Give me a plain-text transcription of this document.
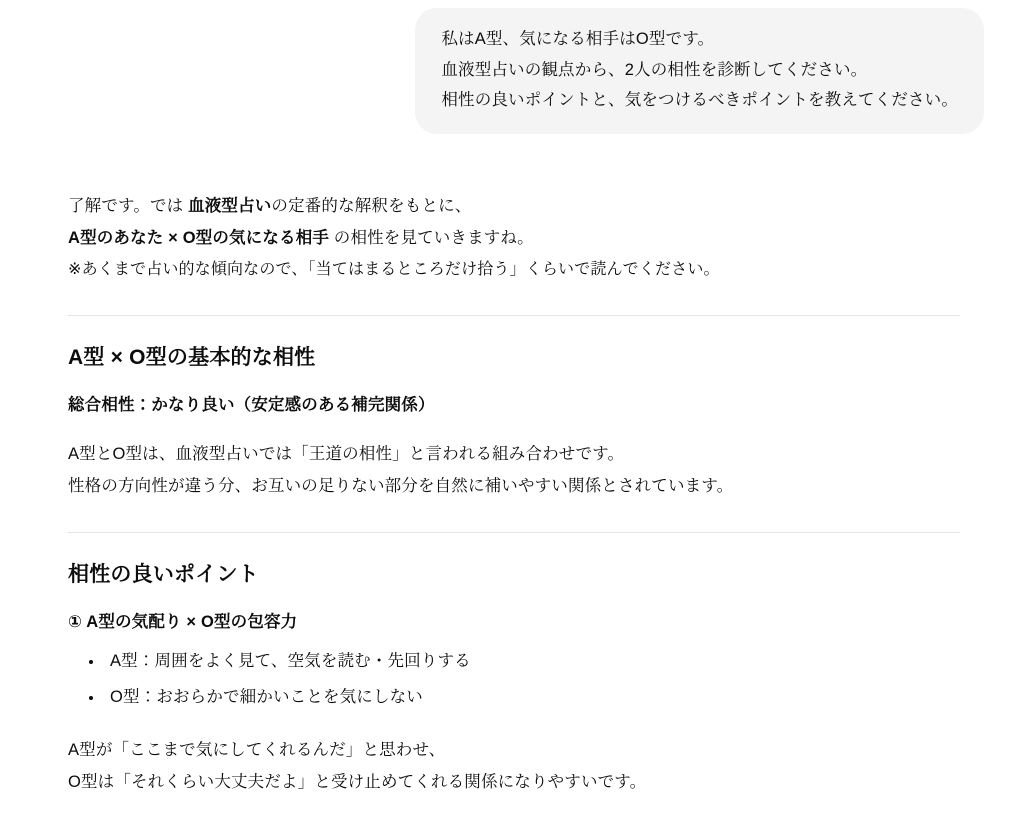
私はA型、気になる相手はO型です。
血液型占いの観点から、2人の相性を診断してください。
相性の良いポイントと、気をつけるべきポイントを教えてください。

了解です。では 血液型占いの定番的な解釈をもとに、

A型のあなた × O型の気になる相手 の相性を見ていきますね。

※あくまで占い的な傾向なので、「当てはまるところだけ拾う」くらいで読んでください。

A型 × O型の基本的な相性
総合相性：かなり良い（安定感のある補完関係）

A型とO型は、血液型占いでは「王道の相性」と言われる組み合わせです。

性格の方向性が違う分、お互いの足りない部分を自然に補いやすい関係とされています。

相性の良いポイント
① A型の気配り × O型の包容力
• A型：周囲をよく見て、空気を読む・先回りする
• O型：おおらかで細かいことを気にしない

A型が「ここまで気にしてくれるんだ」と思わせ、

O型は「それくらい大丈夫だよ」と受け止めてくれる関係になりやすいです。
